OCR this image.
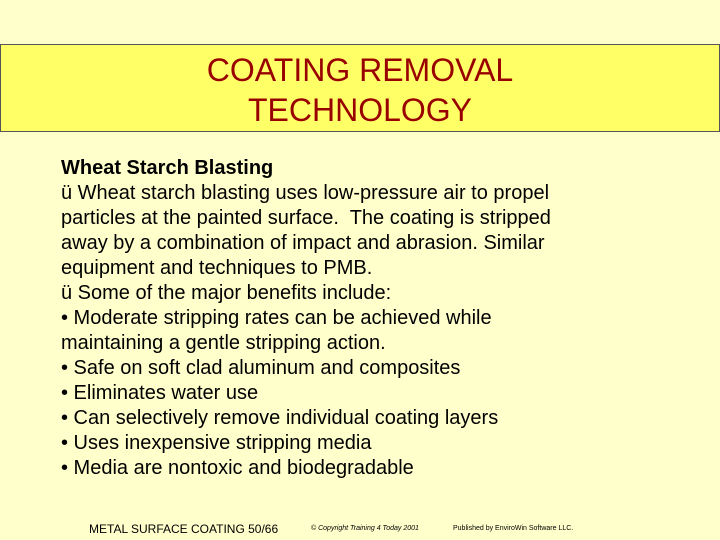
COATING REMOVAL
TECHNOLOGY
Wheat Starch Blasting
ü Wheat starch blasting uses low-pressure air to propel
particles at the painted surface.  The coating is stripped
away by a combination of impact and abrasion. Similar
equipment and techniques to PMB.
ü Some of the major benefits include:
• Moderate stripping rates can be achieved while
maintaining a gentle stripping action.
• Safe on soft clad aluminum and composites
• Eliminates water use
• Can selectively remove individual coating layers
• Uses inexpensive stripping media
• Media are nontoxic and biodegradable
METAL SURFACE COATING 50/66	© Copyright Training 4 Today 2001	Published by EnviroWin Software LLC.
